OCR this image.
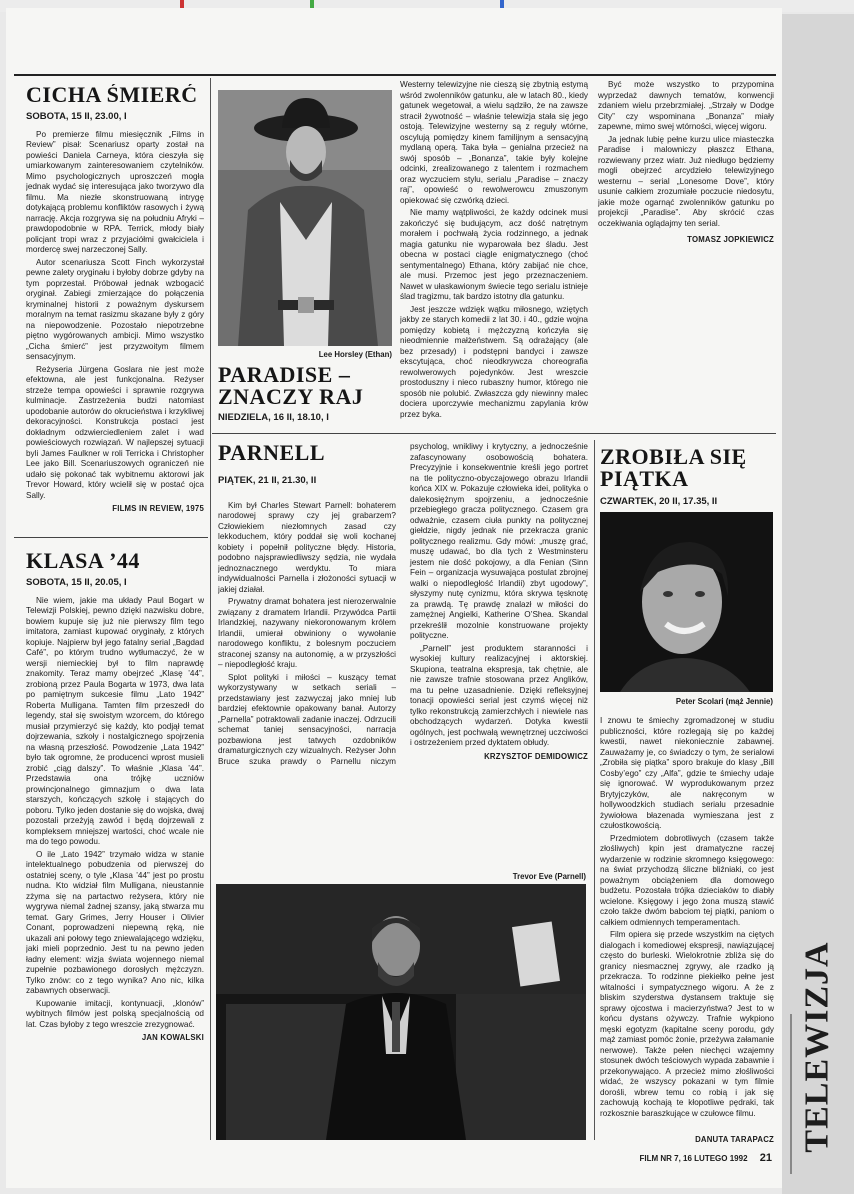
TELEWIZJA
CICHA ŚMIERĆ
SOBOTA, 15 II, 23.00, I

Po premierze filmu miesięcznik „Films in Review” pisał: Scenariusz oparty został na powieści Daniela Carneya, która cieszyła się umiarkowanym zainteresowaniem czytelników. Mimo psychologicznych uproszczeń mogła jednak wydać się interesująca jako tworzywo dla filmu. Ma niezłe skonstruowaną intrygę dotykającą problemu konfliktów rasowych i żywą narrację. Akcja rozgrywa się na południu Afryki – prawdopodobnie w RPA. Terrick, młody biały policjant tropi wraz z przyjaciółmi gwałciciela i mordercę swej narzeczonej Sally.

Autor scenariusza Scott Finch wykorzystał pewne zalety oryginału i byłoby dobrze gdyby na tym poprzestał. Próbował jednak wzbogacić oryginał. Zabiegi zmierzające do połączenia kryminalnej historii z poważnym dyskursem moralnym na temat rasizmu skazane były z góry na niepowodzenie. Pozostało niepotrzebne piętno wygórowanych ambicji. Mimo wszystko „Cicha śmierć” jest przyzwoitym filmem sensacyjnym.

Reżyseria Jürgena Goslara nie jest może efektowna, ale jest funkcjonalna. Reżyser strzeże tempa opowieści i sprawnie rozgrywa kulminacje. Zastrzeżenia budzi natomiast upodobanie autorów do okrucieństwa i krzykliwej dekoracyjności. Konstrukcja postaci jest dokładnym odzwierciedleniem zalet i wad powieściowych rozwiązań. W najlepszej sytuacji byli James Faulkner w roli Terricka i Christopher Lee jako Bill. Scenariuszowych ograniczeń nie udało się pokonać tak wybitnemu aktorowi jak Trevor Howard, który wcielił się w postać ojca Sally.

FILMS IN REVIEW, 1975
KLASA ’44
SOBOTA, 15 II, 20.05, I

Nie wiem, jakie ma układy Paul Bogart w Telewizji Polskiej, pewno dzięki nazwisku dobre, bowiem kupuje się już nie pierwszy film tego imitatora, zamiast kupować oryginały, z których kopiuje. Najpierw był jego fatalny serial „Bagdad Café”, po którym trudno wytłumaczyć, że w wersji niemieckiej był to film naprawdę znakomity. Teraz mamy obejrzeć „Klasę ’44”, zrobioną przez Paula Bogarta w 1973, dwa lata po pamiętnym sukcesie filmu „Lato 1942” Roberta Mulligana. Tamten film przeszedł do legendy, stał się swoistym wzorcem, do którego musiał przymierzyć się każdy, kto podjął temat dojrzewania, szkoły i nostalgicznego spojrzenia na własną przeszłość. Powodzenie „Lata 1942” było tak ogromne, że producenci wprost musieli zrobić „ciąg dalszy”. To właśnie „Klasa ’44”. Przedstawia ona trójkę uczniów prowincjonalnego gimnazjum o dwa lata starszych, kończących szkołę i stających do poboru. Tylko jeden dostanie się do wojska, dwaj pozostali przeżyją zawód i będą dojrzewali z kompleksem mniejszej wartości, choć wcale nie ma do tego powodu.

O ile „Lato 1942” trzymało widza w stanie intelektualnego pobudzenia od pierwszej do ostatniej sceny, o tyle „Klasa ’44” jest po prostu nudna. Kto widział film Mulligana, nieustannie zżyma się na partactwo reżysera, który nie wygrywa niemal żadnej szansy, jaką stwarza mu temat. Gary Grimes, Jerry Houser i Olivier Conant, poprowadzeni niepewną ręką, nie ukazali ani połowy tego zniewalającego wdzięku, jaki mieli poprzednio. Jest tu na pewno jeden ładny element: wizja świata wojennego niemal zupełnie pozbawionego dorosłych mężczyzn. Tylko znów: co z tego wynika? Ano nic, kilka zabawnych obserwacji.

Kupowanie imitacji, kontynuacji, „klonów” wybitnych filmów jest polską specjalnością od lat. Czas byłoby z tego wreszcie zrezygnować.

JAN KOWALSKI
Lee Horsley (Ethan)
PARADISE –
ZNACZY RAJ
NIEDZIELA, 16 II, 18.10, I

Westerny telewizyjne nie cieszą się zbytnią estymą wśród zwolenników gatunku, ale w latach 80., kiedy gatunek wegetował, a wielu sądziło, że na zawsze stracił żywotność – właśnie telewizja stała się jego ostoją. Telewizyjne westerny są z reguły wtórne, oscylują pomiędzy kinem familijnym a sensacyjną mydlaną operą. Taka była – genialna przecież na swój sposób – „Bonanza”, takie były kolejne odcinki, zrealizowanego z talentem i rozmachem oraz wyczuciem stylu, serialu „Paradise – znaczy raj”, opowieść o rewolwerowcu zmuszonym opiekować się czwórką dzieci.

Nie mamy wątpliwości, że każdy odcinek musi zakończyć się budującym, acz dość natrętnym morałem i pochwałą życia rodzinnego, a jednak magia gatunku nie wyparowała bez śladu. Jest obecna w postaci ciągle enigmatycznego (choć sentymentalnego) Ethana, który zabijać nie chce, ale musi. Przemoc jest jego przeznaczeniem. Nawet w ułaskawionym świecie tego serialu istnieje ślad tragizmu, tak bardzo istotny dla gatunku.

Jest jeszcze wdzięk wątku miłosnego, wziętych jakby ze starych komedii z lat 30. i 40., gdzie wojna pomiędzy kobietą i mężczyzną kończyła się nieodmiennie małżeństwem. Są odrażający (ale bez przesady) i podstępni bandyci i zawsze ekscytująca, choć nieodkrywcza choreografia rewolwerowych pojedynków. Jest wreszcie prostoduszny i nieco rubaszny humor, którego nie sposób nie polubić. Zwłaszcza gdy niewinny malec dociera uporczywie mechanizmu zapylania krów przez byka.

Być może wszystko to przypomina wyprzedaż dawnych tematów, konwencji zdaniem wielu przebrzmiałej. „Strzały w Dodge City” czy wspominana „Bonanza” miały zapewne, mimo swej wtórności, więcej wigoru.

Ja jednak lubię pełne kurzu ulice miasteczka Paradise i malowniczy płaszcz Ethana, rozwiewany przez wiatr. Już niedługo będziemy mogli obejrzeć arcydzieło telewizyjnego westernu – serial „Lonesome Dove”, który usunie całkiem zrozumiałe poczucie niedosytu, jakie może ogarnąć zwolenników gatunku po projekcji „Paradise”. Aby skrócić czas oczekiwania oglądajmy ten serial.

TOMASZ JOPKIEWICZ
PARNELL
PIĄTEK, 21 II, 21.30, II

Kim był Charles Stewart Parnell: bohaterem narodowej sprawy czy jej grabarzem? Człowiekiem niezłomnych zasad czy lekkoduchem, który poddał się woli kochanej kobiety i popełnił polityczne błędy. Historia, podobno najsprawiedliwszy sędzia, nie wydała jednoznacznego werdyktu. To miara indywidualności Parnella i złożoności sytuacji w jakiej działał.

Prywatny dramat bohatera jest nierozerwalnie związany z dramatem Irlandii. Przywódca Partii Irlandzkiej, nazywany niekoronowanym królem Irlandii, umierał obwiniony o wywołanie narodowego konfliktu, z bolesnym poczuciem straconej szansy na autonomię, a w przyszłości – niepodległość kraju.

Splot polityki i miłości – kuszący temat wykorzystywany w setkach seriali – przedstawiany jest zazwyczaj jako mniej lub bardziej efektownie opakowany banał. Autorzy „Parnella” potraktowali zadanie inaczej. Odrzucili schemat taniej sensacyjności, narracja pozbawiona jest tatwych ozdobników dramaturgicznych czy wizualnych. Reżyser John Bruce szuka prawdy o Parnellu niczym psycholog, wnikliwy i krytyczny, a jednocześnie zafascynowany osobowością bohatera. Precyzyjnie i konsekwentnie kreśli jego portret na tle polityczno-obyczajowego obrazu Irlandii końca XIX w. Pokazuje człowieka idei, polityka o dalekosiężnym spojrzeniu, a jednocześnie przebiegłego gracza politycznego. Czasem gra odważnie, czasem ciuła punkty na politycznej giełdzie, nigdy jednak nie przekracza granic politycznego realizmu. Gdy mówi: „muszę grać, muszę udawać, bo dla tych z Westminsteru jestem nie dość pokojowy, a dla Fenian (Sinn Fein – organizacja wysuwająca postulat zbrojnej walki o niepodległość Irlandii) zbyt ugodowy”, słyszymy nutę cynizmu, która skrywa tęsknotę za prawdą. Tę prawdę znalazł w miłości do zamężnej Angielki, Katherine O’Shea. Skandal przekreślił mozolnie konstruowane projekty polityczne.

„Parnell” jest produktem staranności i wysokiej kultury realizacyjnej i aktorskiej. Skupiona, teatralna ekspresja, tak chętnie, ale nie zawsze trafnie stosowana przez Anglików, ma tu pełne uzasadnienie. Dzięki refleksyjnej tonacji opowieści serial jest czymś więcej niż tylko rekonstrukcją zamierzchłych i niewiele nas obchodzących wydarzeń. Dotyka kwestii ogólnych, jest pochwałą wewnętrznej uczciwości i ostrzeżeniem przed dyktatem obłudy.

KRZYSZTOF DEMIDOWICZ
Trevor Eve (Parnell)
ZROBIŁA SIĘ
PIĄTKA
CZWARTEK, 20 II, 17.35, II
Peter Scolari (mąż Jennie)

I znowu te śmiechy zgromadzonej w studiu publiczności, które rozlegają się po każdej kwestii, nawet niekoniecznie zabawnej. Zauważamy je, co świadczy o tym, że serialowi „Zrobiła się piątka” sporo brakuje do klasy „Bill Cosby’ego” czy „Alfa”, gdzie te śmiechy udaje się ignorować. W wyprodukowanym przez Brytyjczyków, ale nakręconym w hollywoodzkich studiach serialu przesadnie żywiołowa błazenada wymieszana jest z czułostkowością.

Przedmiotem dobrotliwych (czasem także złośliwych) kpin jest dramatyczne raczej wydarzenie w rodzinie skromnego księgowego: na świat przychodzą śliczne bliźniaki, co jest poważnym obciążeniem dla domowego budżetu. Pozostała trójka dzieciaków to diabły wcielone. Księgowy i jego żona muszą stawić czoło także dwóm babciom tej piątki, paniom o całkiem odmiennych temperamentach.

Film opiera się przede wszystkim na ciętych dialogach i komediowej ekspresji, nawiązującej często do burleski. Wielokrotnie zbliża się do granicy niesmacznej zgrywy, ale rzadko ją przekracza. To rodzinne piekiełko pełne jest witalności i sympatycznego wigoru. A że z bliskim szyderstwa dystansem traktuje się sprawy ojcostwa i macierzyństwa? Jest to w końcu dystans ożywczy. Trafnie wykpiono męski egotyzm (kapitalne sceny porodu, gdy mąż zamiast pomóc żonie, przeżywa załamanie nerwowe). Także pełen niechęci wzajemny stosunek dwóch teściowych wypada zabawnie i przekonywająco. A przecież mimo złośliwości widać, że wszyscy pokazani w tym filmie dorośli, wbrew temu co robią i jak się zachowują kochają te kłopotliwe pędraki, tak rozkosznie baraszkujące w czułowce filmu.

DANUTA TARAPACZ
FILM NR 7, 16 LUTEGO 1992 21
